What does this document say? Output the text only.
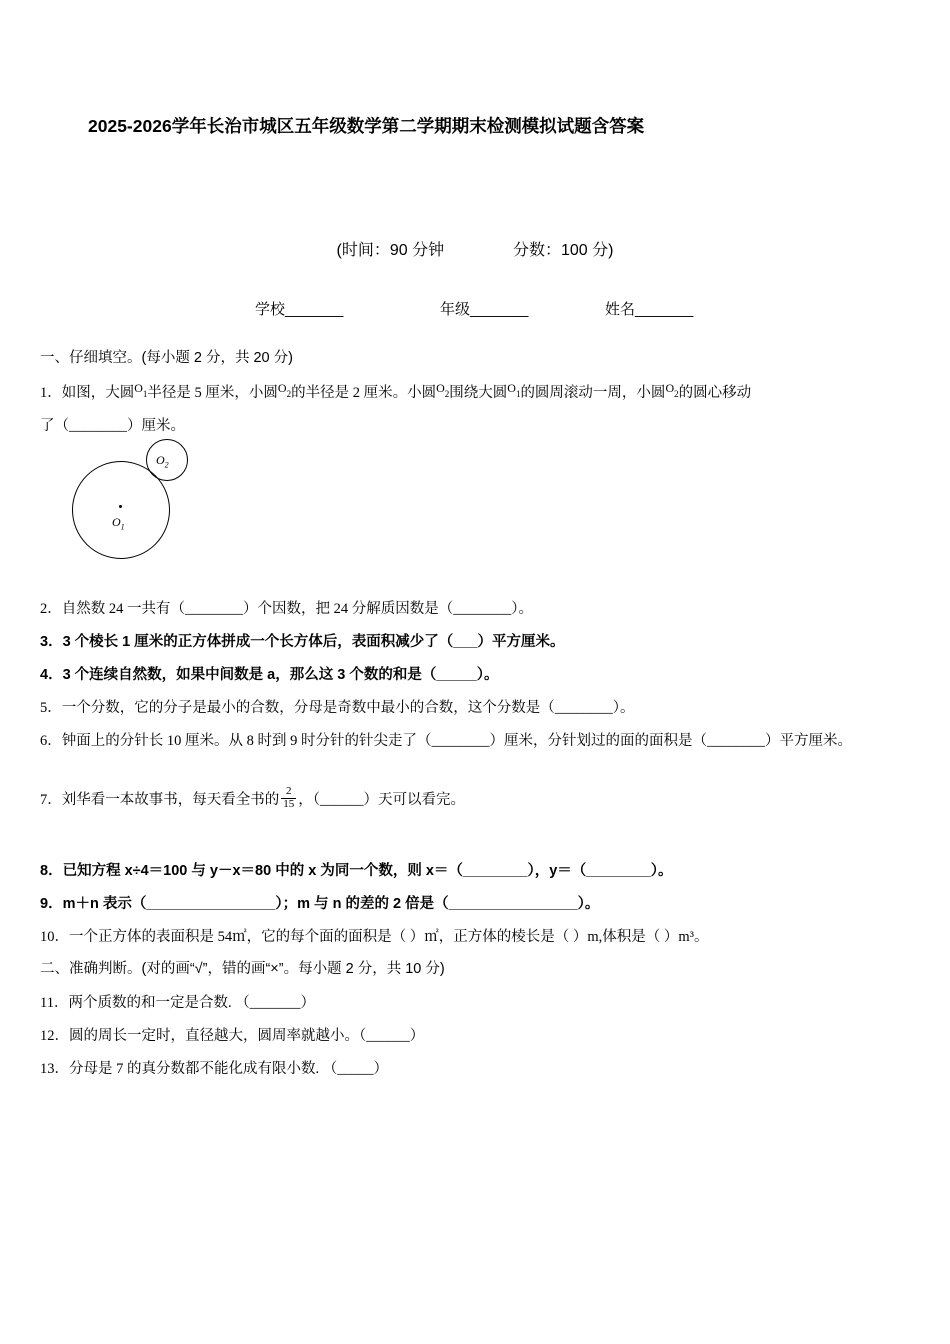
2025-2026学年长治市城区五年级数学第二学期期末检测模拟试题含答案
(时间：90 分钟	分数：100 分)
学校_______	年级_______	姓名_______
一、仔细填空。(每小题 2 分，共 20 分)
1．如图，大圆$O_1$半径是 5 厘米，小圆$O_2$的半径是 2 厘米。小圆$O_2$围绕大圆$O_1$的圆周滚动一周，小圆$O_2$的圆心移动
了（________）厘米。
$O_1$
$O_2$
2．自然数 24 一共有（________）个因数，把 24 分解质因数是（________）。
3．3 个棱长 1 厘米的正方体拼成一个长方体后，表面积减少了（___）平方厘米。
4．3 个连续自然数，如果中间数是 a，那么这 3 个数的和是（_____）。
5．一个分数，它的分子是最小的合数，分母是奇数中最小的合数，这个分数是（________）。
6．钟面上的分针长 10 厘米。从 8 时到 9 时分针的针尖走了（________）厘米，分针划过的面的面积是（________）平方厘米。
7．刘华看一本故事书，每天看全书的 $\frac{2}{15}$ ，（______）天可以看完。
8．已知方程 x÷4＝100 与 y－x＝80 中的 x 为同一个数，则 x＝（________），y＝（________）。
9．m＋n 表示（________________）；m 与 n 的差的 2 倍是（________________）。
10．一个正方体的表面积是 54㎡，它的每个面的面积是（ ）㎡，正方体的棱长是（ ）m,体积是（ ）m³。
二、准确判断。(对的画“√”，错的画“×”。每小题 2 分，共 10 分)
11．两个质数的和一定是合数. （_______）
12．圆的周长一定时，直径越大，圆周率就越小。（______）
13．分母是 7 的真分数都不能化成有限小数. （_____）
